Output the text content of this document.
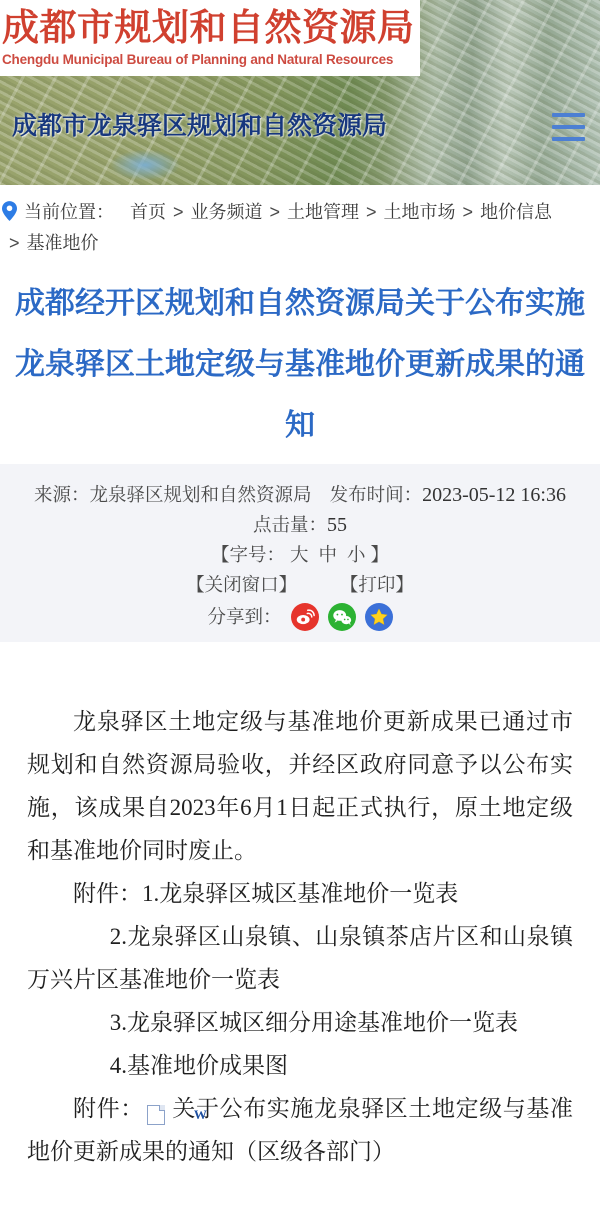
成都市规划和自然资源局
Chengdu Municipal Bureau of Planning and Natural Resources
成都市龙泉驿区规划和自然资源局
当前位置： 首页 > 业务频道 > 土地管理 > 土地市场 > 地价信息> 基准地价
成都经开区规划和自然资源局关于公布实施龙泉驿区土地定级与基准地价更新成果的通知
来源：龙泉驿区规划和自然资源局 发布时间：2023-05-12 16:36
点击量：55
【字号： 大 中 小 】
【关闭窗口】	【打印】
分享到：

龙泉驿区土地定级与基准地价更新成果已通过市规划和自然资源局验收，并经区政府同意予以公布实施，该成果自2023年6月1日起正式执行，原土地定级和基准地价同时废止。

附件：1.龙泉驿区城区基准地价一览表

2.龙泉驿区山泉镇、山泉镇茶店片区和山泉镇万兴片区基准地价一览表

3.龙泉驿区城区细分用途基准地价一览表

4.基准地价成果图

附件： W 关于公布实施龙泉驿区土地定级与基准地价更新成果的通知（区级各部门）
